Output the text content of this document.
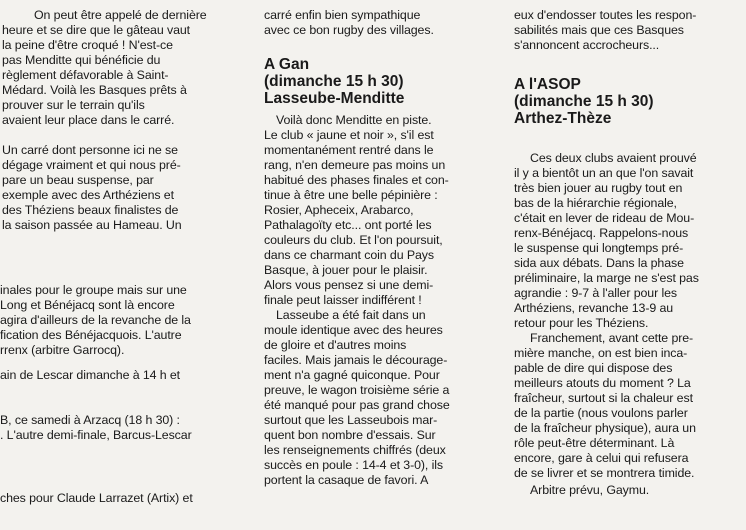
On peut être appelé de dernière
heure et se dire que le gâteau vaut
la peine d'être croqué ! N'est-ce
pas Menditte qui bénéficie du
règlement défavorable à Saint-
Médard. Voilà les Basques prêts à
prouver sur le terrain qu'ils
avaient leur place dans le carré.
Un carré dont personne ici ne se
dégage vraiment et qui nous pré-
pare un beau suspense, par
exemple avec des Arthéziens et
des Théziens beaux finalistes de
la saison passée au Hameau. Un
inales pour le groupe mais sur une
Long et Bénéjacq sont là encore
agira d'ailleurs de la revanche de la
fication des Bénéjacquois. L'autre
rrenx (arbitre Garrocq).
ain de Lescar dimanche à 14 h et
B, ce samedi à Arzacq (18 h 30) :
. L'autre demi-finale, Barcus-Lescar
ches pour Claude Larrazet (Artix) et
carré enfin bien sympathique
avec ce bon rugby des villages.
A Gan
(dimanche 15 h 30)
Lasseube-Menditte
Voilà donc Menditte en piste.
Le club « jaune et noir », s'il est
momentanément rentré dans le
rang, n'en demeure pas moins un
habitué des phases finales et con-
tinue à être une belle pépinière :
Rosier, Apheceix, Arabarco,
Pathalagoïty etc... ont porté les
couleurs du club. Et l'on poursuit,
dans ce charmant coin du Pays
Basque, à jouer pour le plaisir.
Alors vous pensez si une demi-
finale peut laisser indifférent !
Lasseube a été fait dans un
moule identique avec des heures
de gloire et d'autres moins
faciles. Mais jamais le décourage-
ment n'a gagné quiconque. Pour
preuve, le wagon troisième série a
été manqué pour pas grand chose
surtout que les Lasseubois mar-
quent bon nombre d'essais. Sur
les renseignements chiffrés (deux
succès en poule : 14-4 et 3-0), ils
portent la casaque de favori. A
eux d'endosser toutes les respon-
sabilités mais que ces Basques
s'annoncent accrocheurs...
A l'ASOP
(dimanche 15 h 30)
Arthez-Thèze
Ces deux clubs avaient prouvé
il y a bientôt un an que l'on savait
très bien jouer au rugby tout en
bas de la hiérarchie régionale,
c'était en lever de rideau de Mou-
renx-Bénéjacq. Rappelons-nous
le suspense qui longtemps pré-
sida aux débats. Dans la phase
préliminaire, la marge ne s'est pas
agrandie : 9-7 à l'aller pour les
Arthéziens, revanche 13-9 au
retour pour les Théziens.
Franchement, avant cette pre-
mière manche, on est bien inca-
pable de dire qui dispose des
meilleurs atouts du moment ? La
fraîcheur, surtout si la chaleur est
de la partie (nous voulons parler
de la fraîcheur physique), aura un
rôle peut-être déterminant. Là
encore, gare à celui qui refusera
de se livrer et se montrera timide.
Arbitre prévu, Gaymu.
